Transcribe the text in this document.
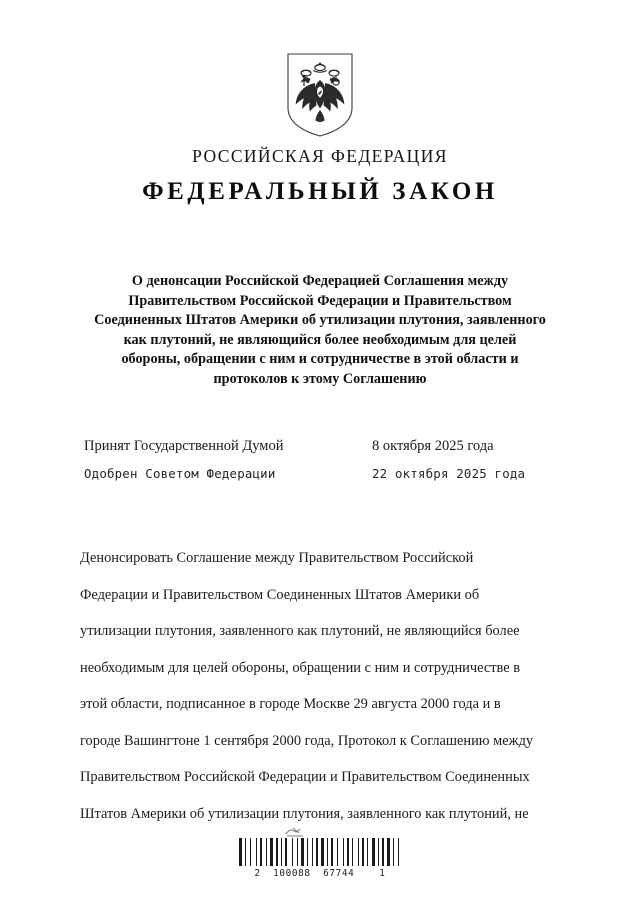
РОССИЙСКАЯ ФЕДЕРАЦИЯ
ФЕДЕРАЛЬНЫЙ ЗАКОН
О денонсации Российской Федерацией Соглашения между
Правительством Российской Федерации и Правительством
Соединенных Штатов Америки об утилизации плутония, заявленного
как плутоний, не являющийся более необходимым для целей
обороны, обращении с ним и сотрудничестве в этой области и
протоколов к этому Соглашению
Принят Государственной Думой	8 октября 2025 года
Одобрен Советом Федерации	22 октября 2025 года
Денонсировать Соглашение между Правительством Российской
Федерации и Правительством Соединенных Штатов Америки об
утилизации плутония, заявленного как плутоний, не являющийся более
необходимым для целей обороны, обращении с ним и сотрудничестве в
этой области, подписанное в городе Москве 29 августа 2000 года и в
городе Вашингтоне 1 сентября 2000 года, Протокол к Соглашению между
Правительством Российской Федерации и Правительством Соединенных
Штатов Америки об утилизации плутония, заявленного как плутоний, не
2  100088  67744    1
